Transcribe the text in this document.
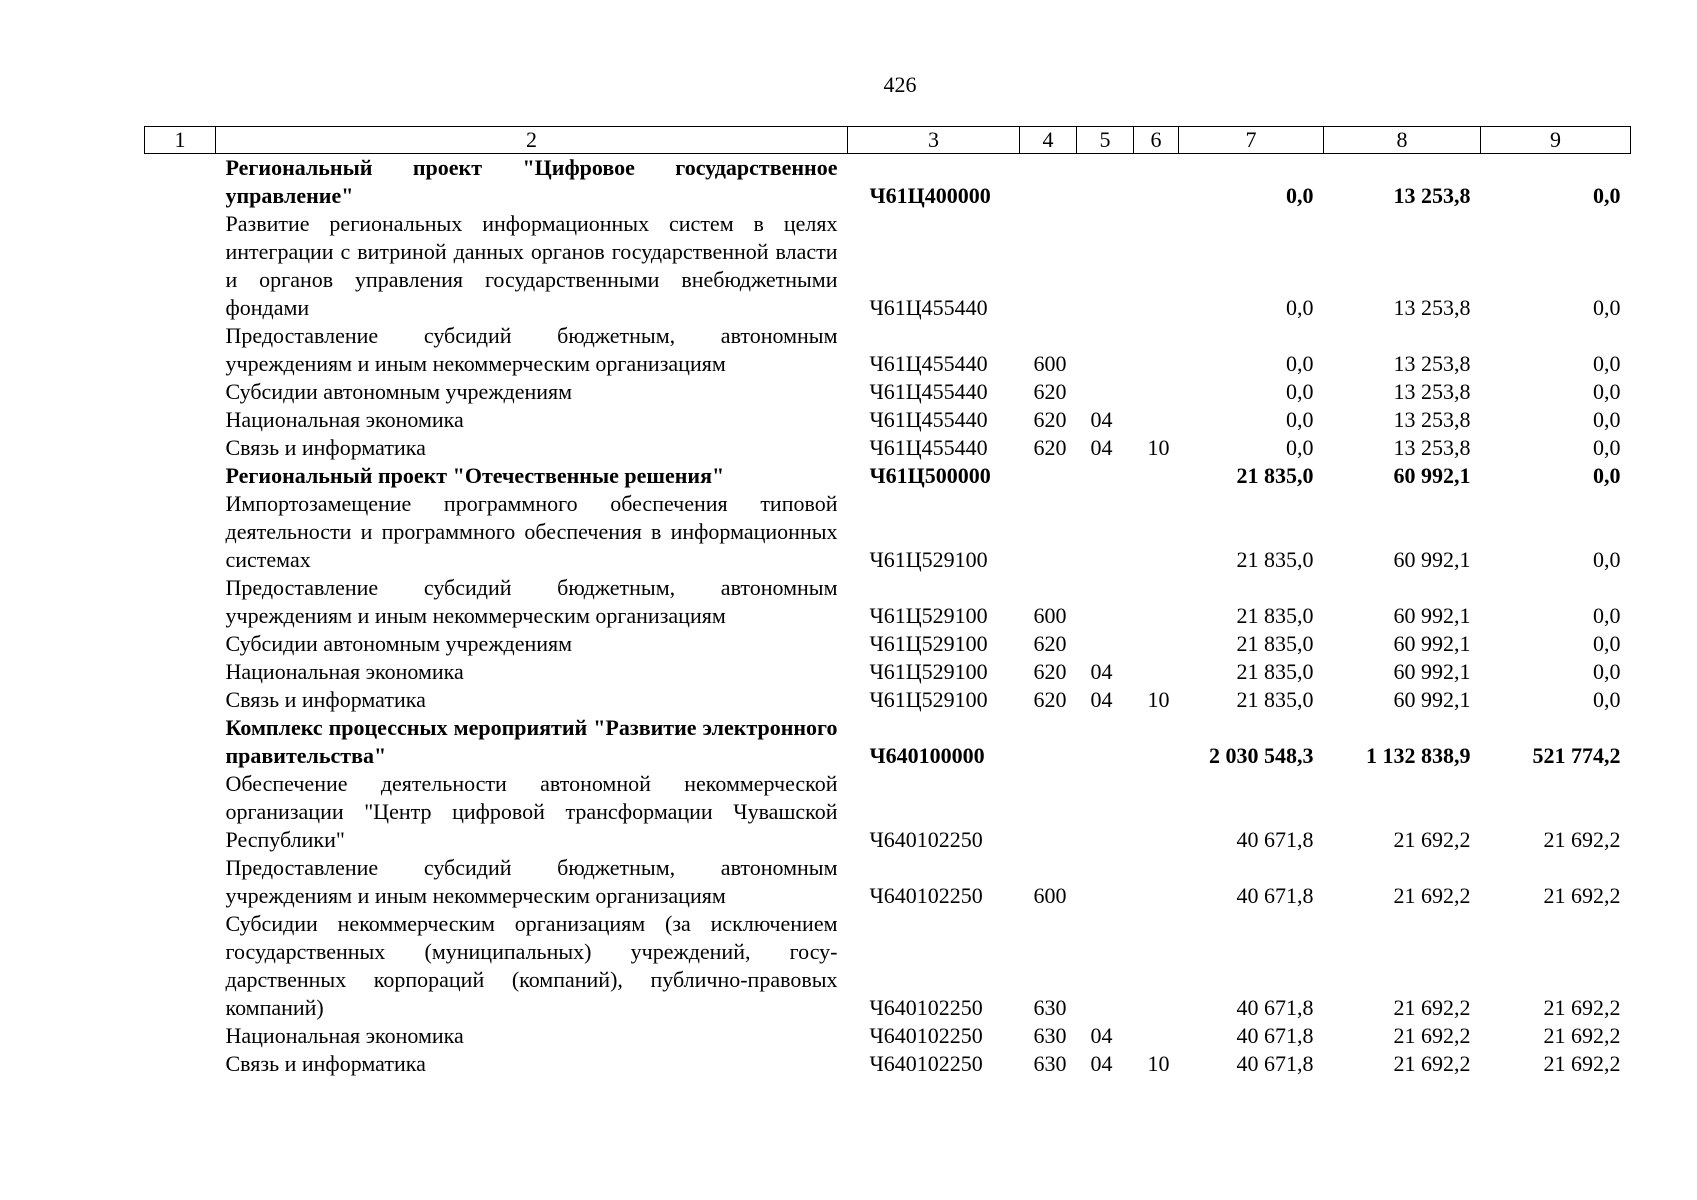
426
1	2	3	4	5	6	7	8	9
	Региональный проект "Цифровое государственное управление"	Ч61Ц400000				0,0	13 253,8	0,0
	Развитие региональных информационных систем в целях интеграции с витриной данных органов государственной власти и органов управления государственными внебюджетными фондами	Ч61Ц455440				0,0	13 253,8	0,0
	Предоставление субсидий бюджетным, автономным учреждениям и иным некоммерческим организациям	Ч61Ц455440	600			0,0	13 253,8	0,0
	Субсидии автономным учреждениям	Ч61Ц455440	620			0,0	13 253,8	0,0
	Национальная экономика	Ч61Ц455440	620	04		0,0	13 253,8	0,0
	Связь и информатика	Ч61Ц455440	620	04	10	0,0	13 253,8	0,0
	Региональный проект "Отечественные решения"	Ч61Ц500000				21 835,0	60 992,1	0,0
	Импортозамещение программного обеспечения типовой деятельности и программного обеспечения в информационных системах	Ч61Ц529100				21 835,0	60 992,1	0,0
	Предоставление субсидий бюджетным, автономным учреждениям и иным некоммерческим организациям	Ч61Ц529100	600			21 835,0	60 992,1	0,0
	Субсидии автономным учреждениям	Ч61Ц529100	620			21 835,0	60 992,1	0,0
	Национальная экономика	Ч61Ц529100	620	04		21 835,0	60 992,1	0,0
	Связь и информатика	Ч61Ц529100	620	04	10	21 835,0	60 992,1	0,0
	Комплекс процессных мероприятий "Развитие электронного правительства"	Ч640100000				2 030 548,3	1 132 838,9	521 774,2
	Обеспечение деятельности автономной некоммерческой организации "Центр цифровой трансформации Чувашской Республики"	Ч640102250				40 671,8	21 692,2	21 692,2
	Предоставление субсидий бюджетным, автономным учреждениям и иным некоммерческим организациям	Ч640102250	600			40 671,8	21 692,2	21 692,2
	Субсидии некоммерческим организациям (за исключением государственных (муниципальных) учреждений, государственных корпораций (компаний), публично-правовых компаний)	Ч640102250	630			40 671,8	21 692,2	21 692,2
	Национальная экономика	Ч640102250	630	04		40 671,8	21 692,2	21 692,2
	Связь и информатика	Ч640102250	630	04	10	40 671,8	21 692,2	21 692,2
